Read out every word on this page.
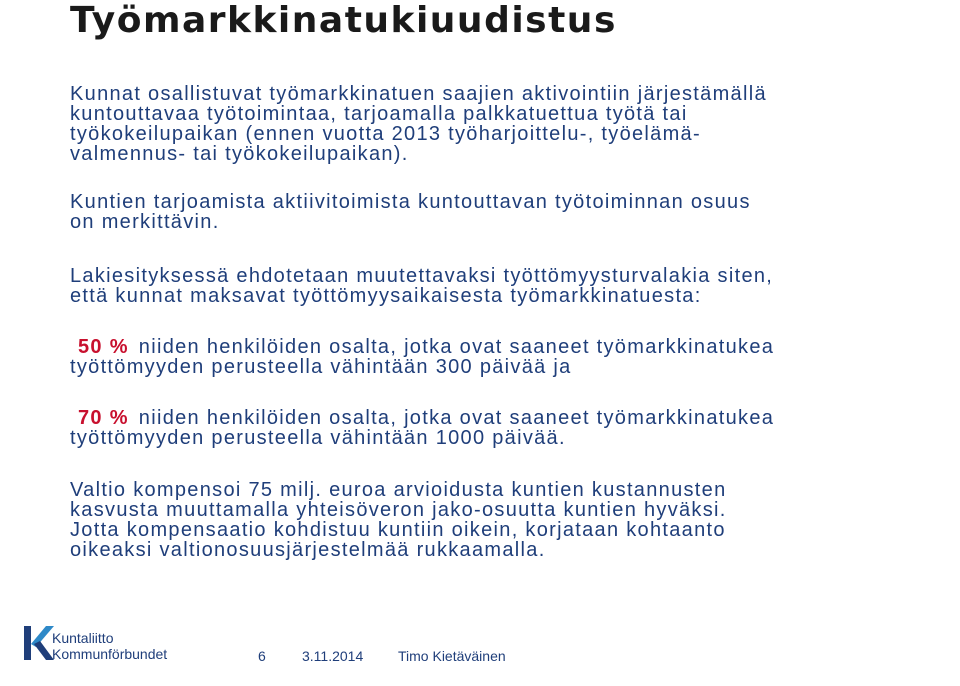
Työmarkkinatukiuudistus
Kunnat osallistuvat työmarkkinatuen saajien aktivointiin järjestämällä
kuntouttavaa työtoimintaa, tarjoamalla palkkatuettua työtä tai
työkokeilupaikan (ennen vuotta 2013 työharjoittelu-, työelämä-
valmennus- tai työkokeilupaikan).
Kuntien tarjoamista aktiivitoimista kuntouttavan työtoiminnan osuus
on merkittävin.
Lakiesityksessä ehdotetaan muutettavaksi työttömyysturvalakia siten,
että kunnat maksavat työttömyysaikaisesta työmarkkinatuesta:
50 % niiden henkilöiden osalta, jotka ovat saaneet työmarkkinatukea
työttömyyden perusteella vähintään 300 päivää ja
70 % niiden henkilöiden osalta, jotka ovat saaneet työmarkkinatukea
työttömyyden perusteella vähintään 1000 päivää.
Valtio kompensoi 75 milj. euroa arvioidusta kuntien kustannusten
kasvusta muuttamalla yhteisöveron jako-osuutta kuntien hyväksi.
Jotta kompensaatio kohdistuu kuntiin oikein, korjataan kohtaanto
oikeaksi valtionosuusjärjestelmää rukkaamalla.
Kuntaliitto
Kommunförbundet	6	3.11.2014 Timo Kietäväinen
